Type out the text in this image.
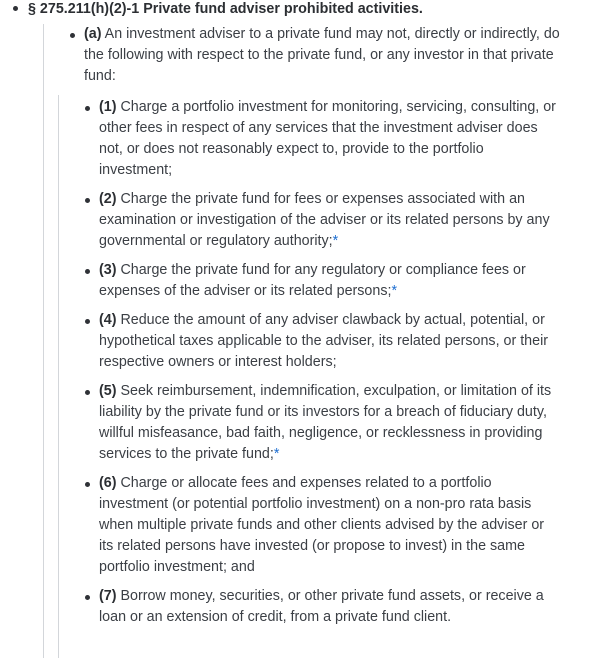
§ 275.211(h)(2)-1 Private fund adviser prohibited activities.
(a) An investment adviser to a private fund may not, directly or indirectly, do the following with respect to the private fund, or any investor in that private fund:
(1) Charge a portfolio investment for monitoring, servicing, consulting, or other fees in respect of any services that the investment adviser does not, or does not reasonably expect to, provide to the portfolio investment;
(2) Charge the private fund for fees or expenses associated with an examination or investigation of the adviser or its related persons by any governmental or regulatory authority;*
(3) Charge the private fund for any regulatory or compliance fees or expenses of the adviser or its related persons;*
(4) Reduce the amount of any adviser clawback by actual, potential, or hypothetical taxes applicable to the adviser, its related persons, or their respective owners or interest holders;
(5) Seek reimbursement, indemnification, exculpation, or limitation of its liability by the private fund or its investors for a breach of fiduciary duty, willful misfeasance, bad faith, negligence, or recklessness in providing services to the private fund;*
(6) Charge or allocate fees and expenses related to a portfolio investment (or potential portfolio investment) on a non-pro rata basis when multiple private funds and other clients advised by the adviser or its related persons have invested (or propose to invest) in the same portfolio investment; and
(7) Borrow money, securities, or other private fund assets, or receive a loan or an extension of credit, from a private fund client.
